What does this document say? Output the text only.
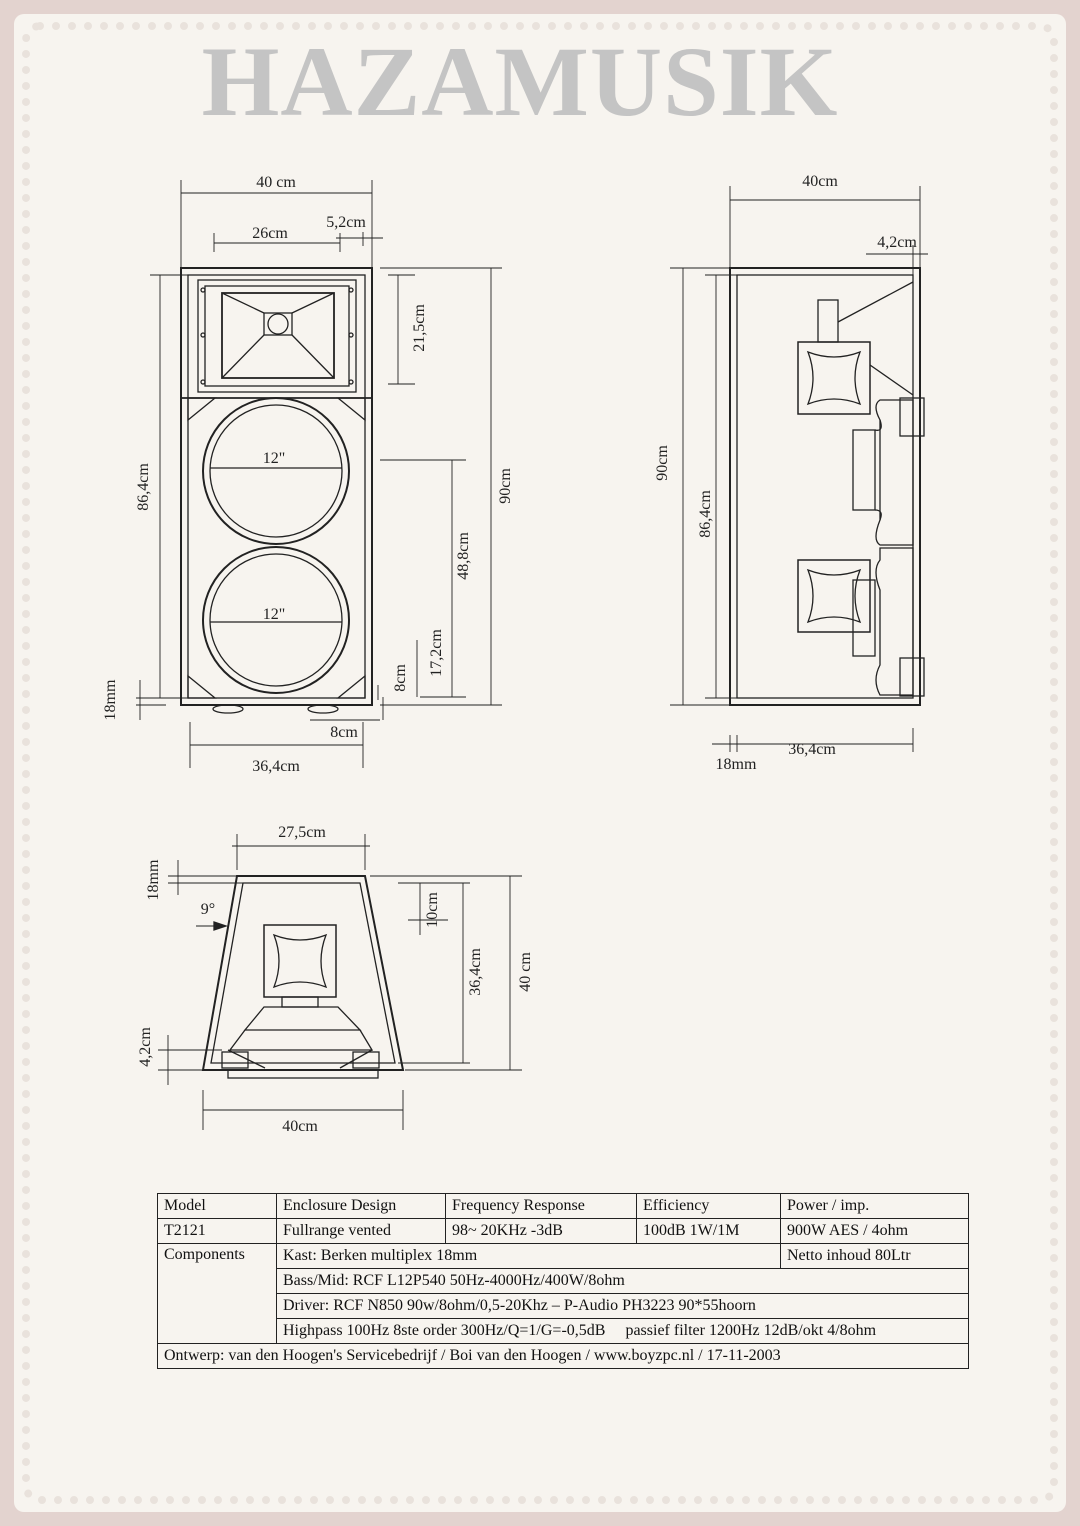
HAZAMUSIK
40 cm
26cm
5,2cm
86,4cm
18mm
21,5cm
90cm
48,8cm
17,2cm
8cm
8cm
36,4cm
12"
12"
40cm
4,2cm
90cm
86,4cm
36,4cm
18mm
27,5cm
18mm
9°	10cm
36,4cm 40 cm
4,2cm
40cm
Model	Enclosure Design	Frequency Response	Efficiency	Power / imp.
T2121	Fullrange vented	98~ 20KHz -3dB	100dB 1W/1M	900W AES / 4ohm
Components	Kast: Berken multiplex 18mm			Netto inhoud 80Ltr
	Bass/Mid: RCF L12P540 50Hz-4000Hz/400W/8ohm			
	Driver: RCF N850 90w/8ohm/0,5-20Khz – P-Audio PH3223 90*55hoorn			
	Highpass 100Hz 8ste order 300Hz/Q=1/G=-0,5dB     passief filter 1200Hz 12dB/okt 4/8ohm			
Ontwerp: van den Hoogen's Servicebedrijf / Boi van den Hoogen / www.boyzpc.nl / 17-11-2003				
